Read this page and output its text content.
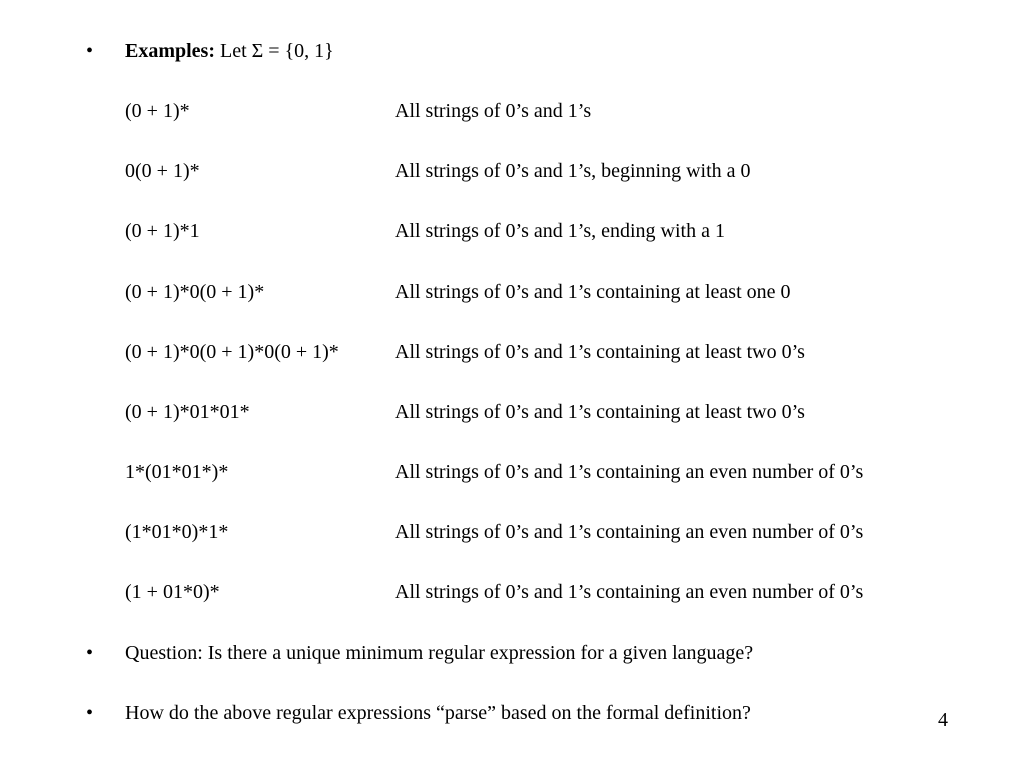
•	Examples: Let Σ = {0, 1}
(0 + 1)*	All strings of 0’s and 1’s
0(0 + 1)*	All strings of 0’s and 1’s, beginning with a 0
(0 + 1)*1	All strings of 0’s and 1’s, ending with a 1
(0 + 1)*0(0 + 1)*	All strings of 0’s and 1’s containing at least one 0
(0 + 1)*0(0 + 1)*0(0 + 1)*	All strings of 0’s and 1’s containing at least two 0’s
(0 + 1)*01*01*	All strings of 0’s and 1’s containing at least two 0’s
1*(01*01*)*	All strings of 0’s and 1’s containing an even number of 0’s
(1*01*0)*1*	All strings of 0’s and 1’s containing an even number of 0’s
(1 + 01*0)*	All strings of 0’s and 1’s containing an even number of 0’s
•	Question: Is there a unique minimum regular expression for a given language?
•	How do the above regular expressions “parse” based on the formal definition?	4
